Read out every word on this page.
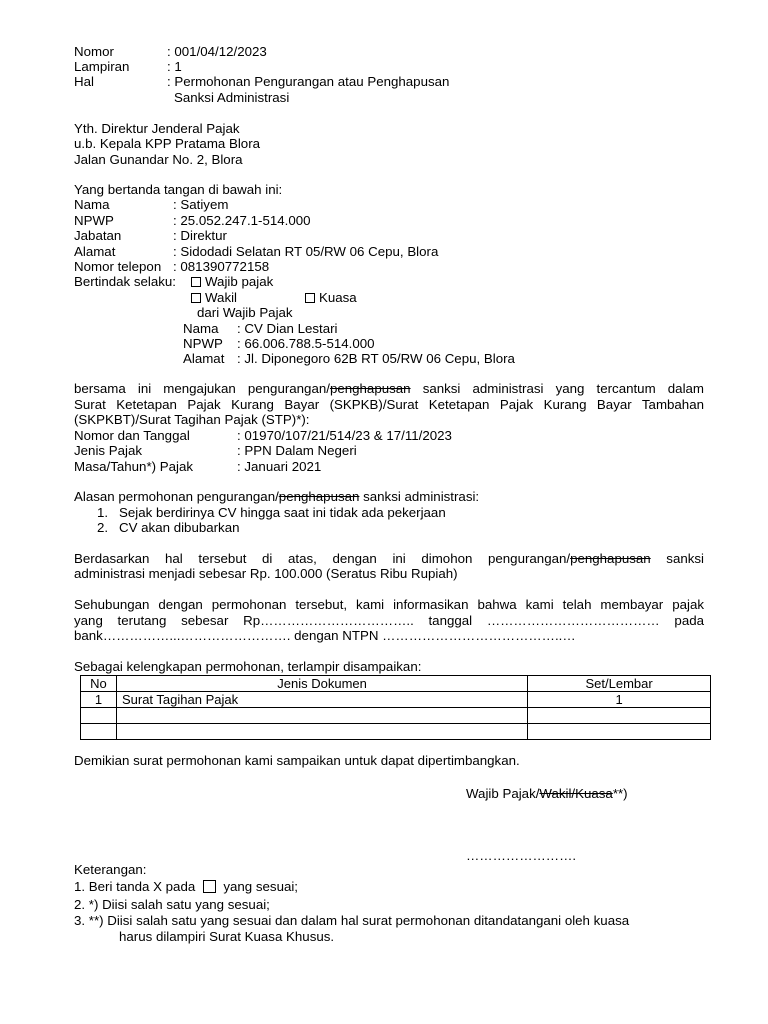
Nomor	: 001/04/12/2023
Lampiran	: 1
Hal	: Permohonan Pengurangan atau Penghapusan
Sanksi Administrasi
Yth. Direktur Jenderal Pajak
u.b. Kepala KPP Pratama Blora
Jalan Gunandar No. 2, Blora
Yang bertanda tangan di bawah ini:
Nama	: Satiyem
NPWP	: 25.052.247.1-514.000
Jabatan	: Direktur
Alamat	: Sidodadi Selatan RT 05/RW 06 Cepu, Blora
Nomor telepon : 081390772158
Bertindak selaku:	Wajib pajak
Wakil	Kuasa
dari Wajib Pajak
Nama : CV Dian Lestari
NPWP : 66.006.788.5-514.000
Alamat : Jl. Diponegoro 62B RT 05/RW 06 Cepu, Blora
bersama ini mengajukan pengurangan/penghapusan sanksi administrasi yang tercantum dalam
Surat Ketetapan Pajak Kurang Bayar (SKPKB)/Surat Ketetapan Pajak Kurang Bayar Tambahan
(SKPKBT)/Surat Tagihan Pajak (STP)*):
Nomor dan Tanggal	: 01970/107/21/514/23 & 17/11/2023
Jenis Pajak	: PPN Dalam Negeri
Masa/Tahun*) Pajak	: Januari 2021
Alasan permohonan pengurangan/penghapusan sanksi administrasi:
1. Sejak berdirinya CV hingga saat ini tidak ada pekerjaan
2. CV akan dibubarkan
Berdasarkan hal tersebut di atas, dengan ini dimohon pengurangan/penghapusan sanksi
administrasi menjadi sebesar Rp. 100.000 (Seratus Ribu Rupiah)
Sehubungan dengan permohonan tersebut, kami informasikan bahwa kami telah membayar pajak
yang terutang sebesar Rp…………………………….. tanggal ………………………………… pada
bank……………...……………………. dengan NTPN …………………………………..…
Sebagai kelengkapan permohonan, terlampir disampaikan:
No	Jenis Dokumen	Set/Lembar
1	Surat Tagihan Pajak	1

Demikian surat permohonan kami sampaikan untuk dapat dipertimbangkan.
Wajib Pajak/Wakil/Kuasa**)
…………………….
Keterangan:
1. Beri tanda X pada yang sesuai;
2. *) Diisi salah satu yang sesuai;
3. **) Diisi salah satu yang sesuai dan dalam hal surat permohonan ditandatangani oleh kuasa
harus dilampiri Surat Kuasa Khusus.
